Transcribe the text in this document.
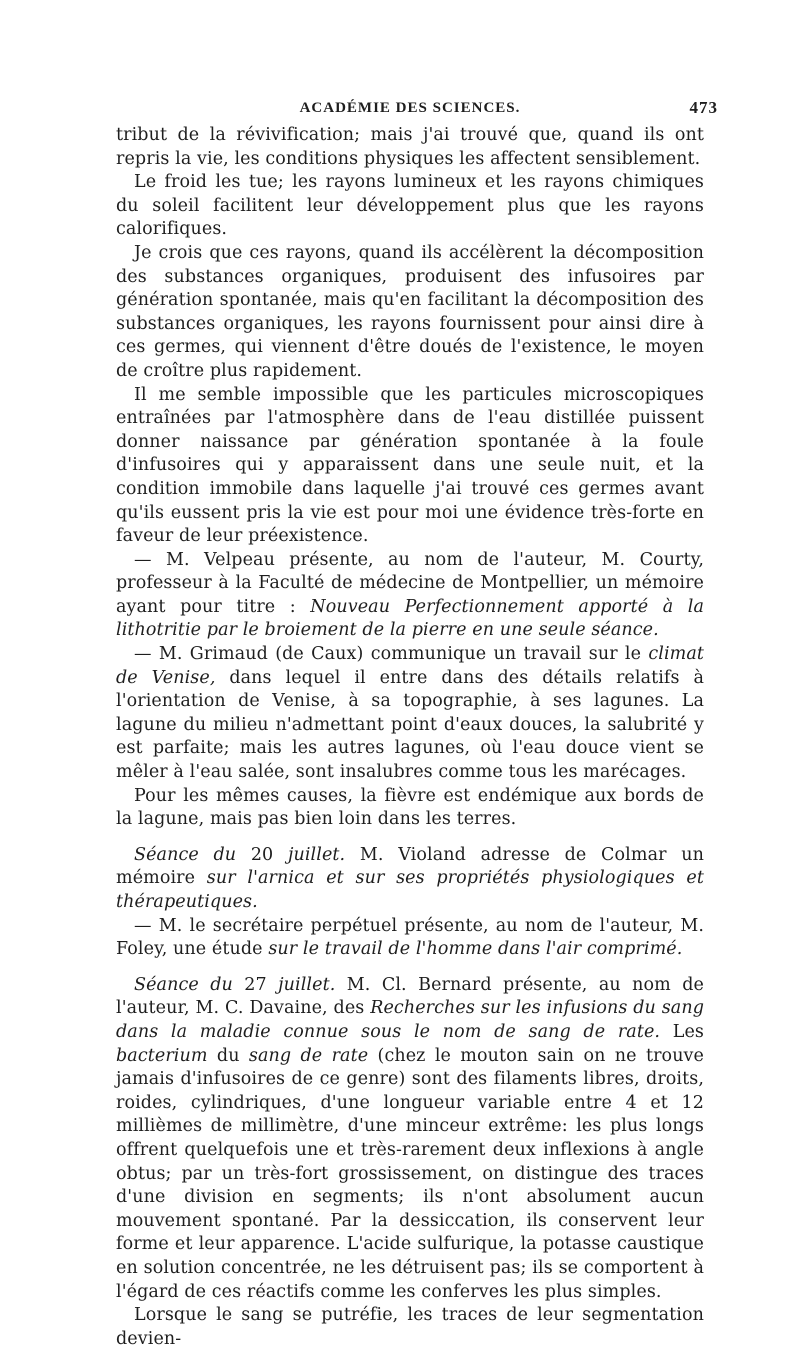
ACADÉMIE DES SCIENCES.	473

tribut de la révivification; mais j'ai trouvé que, quand ils ont repris la vie, les conditions physiques les affectent sensiblement.

Le froid les tue; les rayons lumineux et les rayons chimiques du soleil facilitent leur développement plus que les rayons calorifiques.

Je crois que ces rayons, quand ils accélèrent la décomposition des substances organiques, produisent des infusoires par génération spontanée, mais qu'en facilitant la décomposition des substances organiques, les rayons fournissent pour ainsi dire à ces germes, qui viennent d'être doués de l'existence, le moyen de croître plus rapidement.

Il me semble impossible que les particules microscopiques entraînées par l'atmosphère dans de l'eau distillée puissent donner naissance par génération spontanée à la foule d'infusoires qui y apparaissent dans une seule nuit, et la condition immobile dans laquelle j'ai trouvé ces germes avant qu'ils eussent pris la vie est pour moi une évidence très-forte en faveur de leur préexistence.

— M. Velpeau présente, au nom de l'auteur, M. Courty, professeur à la Faculté de médecine de Montpellier, un mémoire ayant pour titre : Nouveau Perfectionnement apporté à la lithotritie par le broiement de la pierre en une seule séance.

— M. Grimaud (de Caux) communique un travail sur le climat de Venise, dans lequel il entre dans des détails relatifs à l'orientation de Venise, à sa topographie, à ses lagunes. La lagune du milieu n'admettant point d'eaux douces, la salubrité y est parfaite; mais les autres lagunes, où l'eau douce vient se mêler à l'eau salée, sont insalubres comme tous les marécages.

Pour les mêmes causes, la fièvre est endémique aux bords de la lagune, mais pas bien loin dans les terres.

Séance du 20 juillet. M. Violand adresse de Colmar un mémoire sur l'arnica et sur ses propriétés physiologiques et thérapeutiques.

— M. le secrétaire perpétuel présente, au nom de l'auteur, M. Foley, une étude sur le travail de l'homme dans l'air comprimé.

Séance du 27 juillet. M. Cl. Bernard présente, au nom de l'auteur, M. C. Davaine, des Recherches sur les infusions du sang dans la maladie connue sous le nom de sang de rate. Les bacterium du sang de rate (chez le mouton sain on ne trouve jamais d'infusoires de ce genre) sont des filaments libres, droits, roides, cylindriques, d'une longueur variable entre 4 et 12 millièmes de millimètre, d'une minceur extrême: les plus longs offrent quelquefois une et très-rarement deux inflexions à angle obtus; par un très-fort grossissement, on distingue des traces d'une division en segments; ils n'ont absolument aucun mouvement spontané. Par la dessiccation, ils conservent leur forme et leur apparence. L'acide sulfurique, la potasse caustique en solution concentrée, ne les détruisent pas; ils se comportent à l'égard de ces réactifs comme les conferves les plus simples.

Lorsque le sang se putréfie, les traces de leur segmentation devien-
